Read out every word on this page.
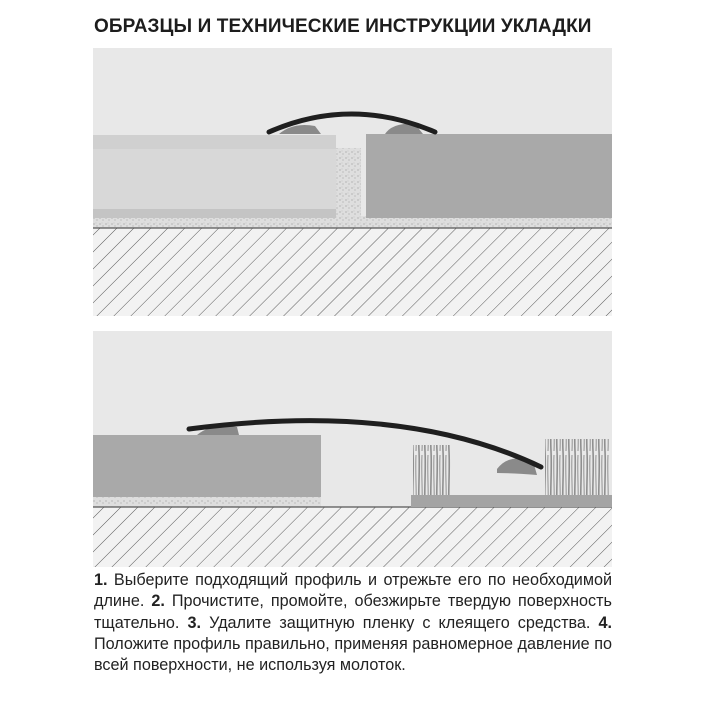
ОБРАЗЦЫ И ТЕХНИЧЕСКИЕ ИНСТРУКЦИИ УКЛАДКИ
1. Выберите подходящий профиль и отрежьте его по необходимой длине. 2. Прочистите, промойте, обезжирьте твердую поверхность тщательно. 3. Удалите защитную пленку с клеящего средства. 4. Положите профиль правильно, применяя равномерное давление по всей поверхности, не используя молоток.
